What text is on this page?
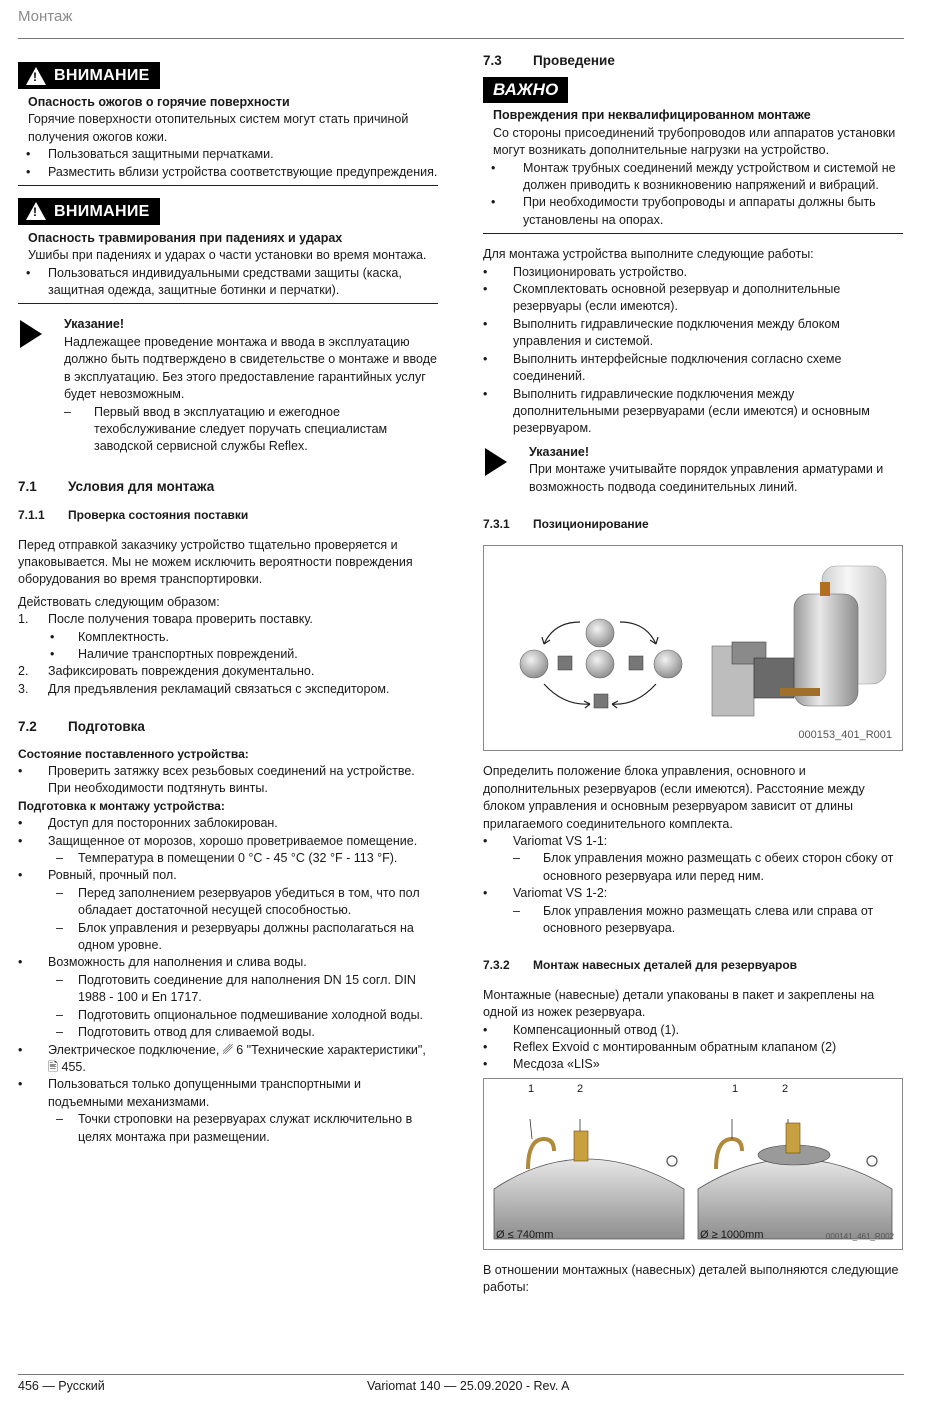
Монтаж
! ВНИМАНИЕ

Опасность ожогов о горячие поверхности

Горячие поверхности отопительных систем могут стать причиной получения ожогов кожи.

• Пользоваться защитными перчатками.
• Разместить вблизи устройства соответствующие предупреждения.
! ВНИМАНИЕ

Опасность травмирования при падениях и ударах

Ушибы при падениях и ударах о части установки во время монтажа.

• Пользоваться индивидуальными средствами защиты (каска, защитная одежда, защитные ботинки и перчатки).

Указание!

Надлежащее проведение монтажа и ввода в эксплуатацию должно быть подтверждено в свидетельстве о монтаже и вводе в эксплуатацию. Без этого предоставление гарантийных услуг будет невозможным.

– Первый ввод в эксплуатацию и ежегодное техобслуживание следует поручать специалистам заводской сервисной службы Reflex.
7.1 Условия для монтажа
7.1.1 Проверка состояния поставки

Перед отправкой заказчику устройство тщательно проверяется и упаковывается. Мы не можем исключить вероятности повреждения оборудования во время транспортировки.

Действовать следующим образом:

1. После получения товара проверить поставку.
• Комплектность.
• Наличие транспортных повреждений.
2. Зафиксировать повреждения документально.
3. Для предъявления рекламаций связаться с экспедитором.
7.2 Подготовка

Состояние поставленного устройства:

• Проверить затяжку всех резьбовых соединений на устройстве. При необходимости подтянуть винты.

Подготовка к монтажу устройства:

• Доступ для посторонних заблокирован.
• Защищенное от морозов, хорошо проветриваемое помещение.
– Температура в помещении 0 °C - 45 °C (32 °F - 113 °F).
• Ровный, прочный пол.
– Перед заполнением резервуаров убедиться в том, что пол обладает достаточной несущей способностью.
– Блок управления и резервуары должны располагаться на одном уровне.
• Возможность для наполнения и слива воды.
– Подготовить соединение для наполнения DN 15 согл. DIN 1988 - 100 и En 1717.
– Подготовить опциональное подмешивание холодной воды.
– Подготовить отвод для сливаемой воды.
• Электрическое подключение, ␥ 6 "Технические характеристики", 🖹 455.
• Пользоваться только допущенными транспортными и подъемными механизмами.
– Точки строповки на резервуарах служат исключительно в целях монтажа при размещении.
7.3 Проведение
ВАЖНО

Повреждения при неквалифицированном монтаже

Со стороны присоединений трубопроводов или аппаратов установки могут возникать дополнительные нагрузки на устройство.

• Монтаж трубных соединений между устройством и системой не должен приводить к возникновению напряжений и вибраций.
• При необходимости трубопроводы и аппараты должны быть установлены на опорах.

Для монтажа устройства выполните следующие работы:

• Позиционировать устройство.
• Скомплектовать основной резервуар и дополнительные резервуары (если имеются).
• Выполнить гидравлические подключения между блоком управления и системой.
• Выполнить интерфейсные подключения согласно схеме соединений.
• Выполнить гидравлические подключения между дополнительными резервуарами (если имеются) и основным резервуаром.

Указание!

При монтаже учитывайте порядок управления арматурами и возможность подвода соединительных линий.

7.3.1 Позиционирование
000153_401_R001

Определить положение блока управления, основного и дополнительных резервуаров (если имеются). Расстояние между блоком управления и основным резервуаром зависит от длины прилагаемого соединительного комплекта.

• Variomat VS 1-1:
– Блок управления можно размещать с обеих сторон сбоку от основного резервуара или перед ним.
• Variomat VS 1-2:
– Блок управления можно размещать слева или справа от основного резервуара.
7.3.2 Монтаж навесных деталей для резервуаров

Монтажные (навесные) детали упакованы в пакет и закреплены на одной из ножек резервуара.

• Компенсационный отвод (1).
• Reflex Exvoid с монтированным обратным клапаном (2)
• Месдоза «LIS»
1	2	1	2
Ø ≤ 740mm	Ø ≥ 1000mm	000141_461_R002

В отношении монтажных (навесных) деталей выполняются следующие работы:

456 — Русский	Variomat 140 — 25.09.2020 - Rev. A
